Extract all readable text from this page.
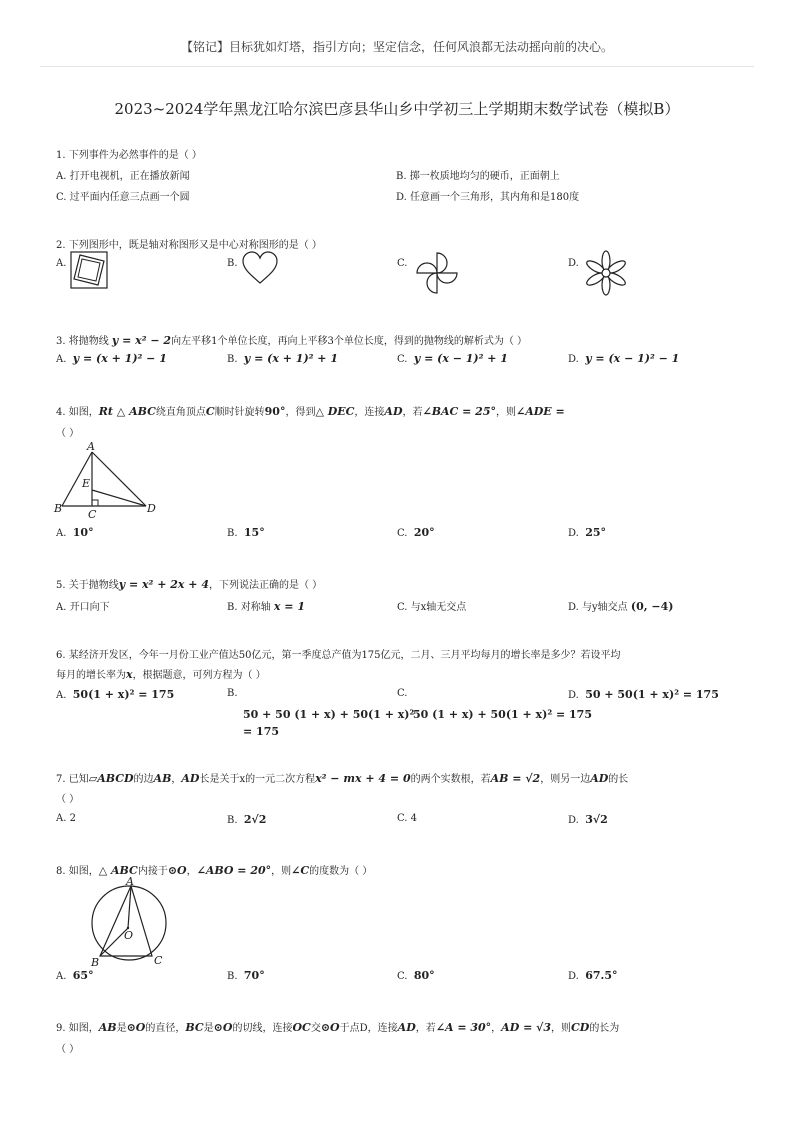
【铭记】目标犹如灯塔，指引方向；坚定信念，任何风浪都无法动摇向前的决心。
2023~2024学年黑龙江哈尔滨巴彦县华山乡中学初三上学期期末数学试卷（模拟B）
1. 下列事件为必然事件的是（ ）
A. 打开电视机，正在播放新闻	B. 掷一枚质地均匀的硬币，正面朝上
C. 过平面内任意三点画一个圆	D. 任意画一个三角形，其内角和是180度
2. 下列图形中，既是轴对称图形又是中心对称图形的是（ ）
A.	B.	C.	D.
3. 将抛物线 y = x² − 2向左平移1个单位长度，再向上平移3个单位长度，得到的抛物线的解析式为（ ）
A. y = (x + 1)² − 1	B. y = (x + 1)² + 1	C. y = (x − 1)² + 1	D. y = (x − 1)² − 1
4. 如图，Rt △ ABC绕直角顶点C顺时针旋转90°，得到△ DEC，连接AD，若∠BAC = 25°，则∠ADE =
（ ）
A
B C	D
E
A. 10°	B. 15°	C. 20°	D. 25°
5. 关于抛物线y = x² + 2x + 4，下列说法正确的是（ ）
A. 开口向下	B. 对称轴 x = 1	C. 与x轴无交点	D. 与y轴交点 (0, −4)
6. 某经济开发区，今年一月份工业产值达50亿元，第一季度总产值为175亿元，二月、三月平均每月的增长率是多少？若设平均
每月的增长率为x，根据题意，可列方程为（ ）
A. 50(1 + x)² = 175	B.
50 + 50 (1 + x) + 50(1 + x)²
= 175
C.
50 (1 + x) + 50(1 + x)² = 175
D. 50 + 50(1 + x)² = 175
7. 已知▱ABCD的边AB，AD长是关于x的一元二次方程x² − mx + 4 = 0的两个实数根，若AB = √2，则另一边AD的长
（ ）
A. 2	B. 2√2	C. 4	D. 3√2
8. 如图，△ ABC内接于⊙O，∠ABO = 20°，则∠C的度数为（ ）
A
B	C
O
A. 65°	B. 70°	C. 80°	D. 67.5°
9. 如图，AB是⊙O的直径，BC是⊙O的切线，连接OC交⊙O于点D，连接AD，若∠A = 30°，AD = √3，则CD的长为
（ ）
